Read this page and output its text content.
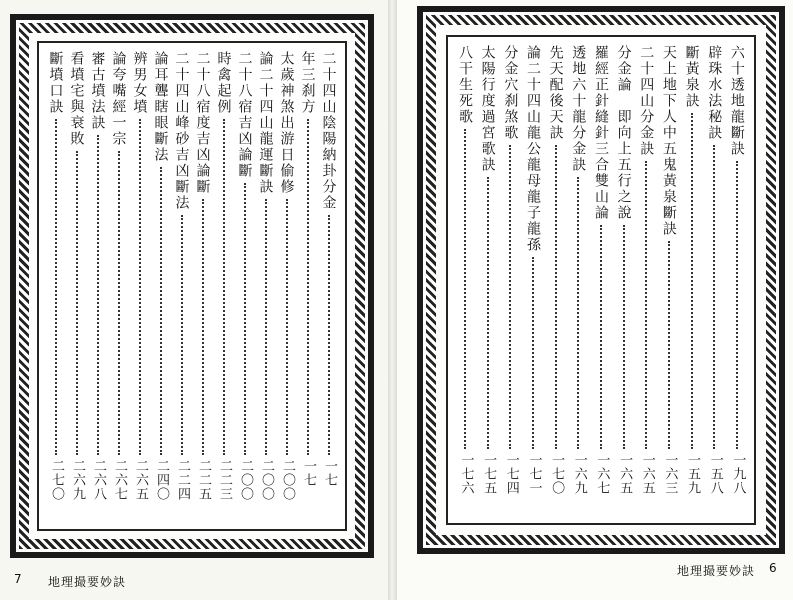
二十四山陰陽納卦分金
一七
年三刹方
一七
太歲神煞出游日偷修
二〇〇
論二十四山龍運斷訣
二〇〇
二十八宿吉凶論斷
二〇〇
時禽起例
二二三
二十八宿度吉凶論斷
二二五
二十四山峰砂吉凶斷法
二二四
論耳聾瞎眼斷法
二四〇
辨男女墳
二六五
論夸嘴經一宗
二六七
審古墳法訣
二六八
看墳宅與衰敗
二六九
斷墳口訣
二七〇
7 地理撮要妙訣
六十透地龍斷訣
一九八
辟珠水法秘訣
一五八
斷黃泉訣
一五九
天上地下人中五鬼黃泉斷訣
一六三
二十四山分金訣
一六五
分金論　即向上五行之說
一六五
羅經正針縫針三合雙山論
一六七
透地六十龍分金訣
一六九
先天配後天訣
一七〇
論二十四山龍公龍母龍子龍孫
一七一
分金穴刹煞歌
一七四
太陽行度過宮歌訣
一七五
八干生死歌
一七六
地理撮要妙訣 6
